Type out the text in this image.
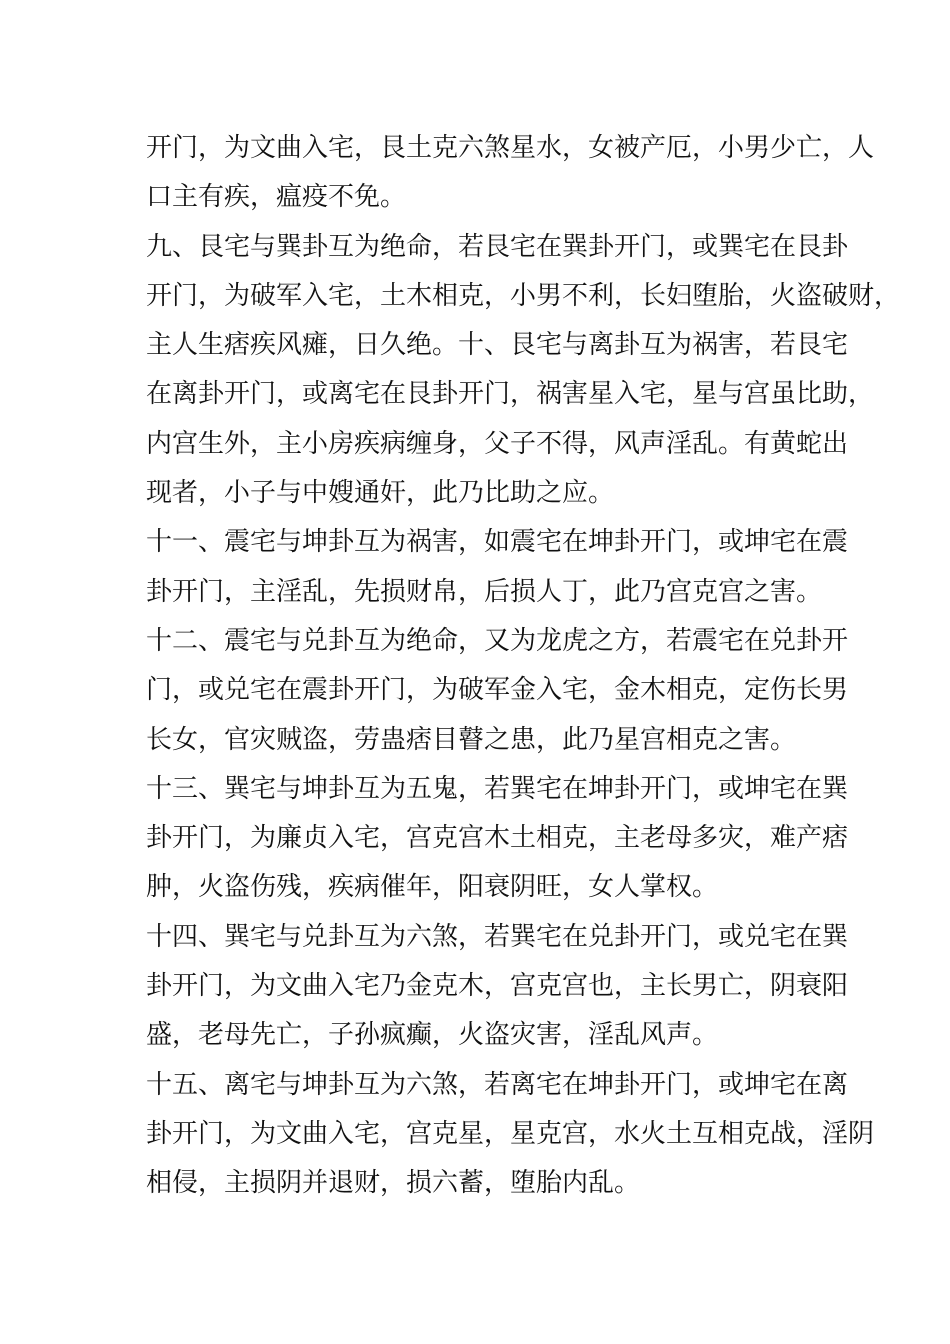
开门，为文曲入宅，艮土克六煞星水，女被产厄，小男少亡，人
口主有疾，瘟疫不免。
九、艮宅与巽卦互为绝命，若艮宅在巽卦开门，或巽宅在艮卦
开门，为破军入宅，土木相克，小男不利，长妇堕胎，火盗破财，
主人生痞疾风瘫，日久绝。十、艮宅与离卦互为祸害，若艮宅
在离卦开门，或离宅在艮卦开门，祸害星入宅，星与宫虽比助，
内宫生外，主小房疾病缠身，父子不得，风声淫乱。有黄蛇出
现者，小子与中嫂通奸，此乃比助之应。
十一、震宅与坤卦互为祸害，如震宅在坤卦开门，或坤宅在震
卦开门，主淫乱，先损财帛，后损人丁，此乃宫克宫之害。
十二、震宅与兑卦互为绝命，又为龙虎之方，若震宅在兑卦开
门，或兑宅在震卦开门，为破军金入宅，金木相克，定伤长男
长女，官灾贼盗，劳蛊痞目瞽之患，此乃星宫相克之害。
十三、巽宅与坤卦互为五鬼，若巽宅在坤卦开门，或坤宅在巽
卦开门，为廉贞入宅，宫克宫木土相克，主老母多灾，难产痞
肿，火盗伤残，疾病催年，阳衰阴旺，女人掌权。
十四、巽宅与兑卦互为六煞，若巽宅在兑卦开门，或兑宅在巽
卦开门，为文曲入宅乃金克木，宫克宫也，主长男亡，阴衰阳
盛，老母先亡，子孙疯癫，火盗灾害，淫乱风声。
十五、离宅与坤卦互为六煞，若离宅在坤卦开门，或坤宅在离
卦开门，为文曲入宅，宫克星，星克宫，水火土互相克战，淫阴
相侵，主损阴并退财，损六蓄，堕胎内乱。
